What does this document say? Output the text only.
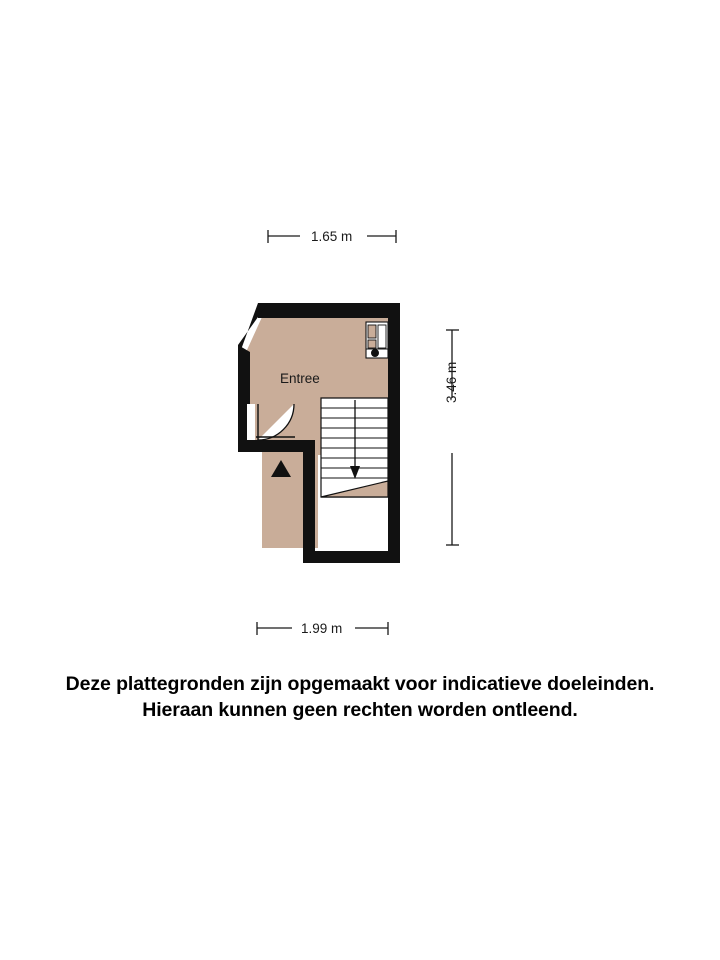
Entree
1.65 m
1.99 m
3.46 m
Deze plattegronden zijn opgemaakt voor indicatieve doeleinden.
Hieraan kunnen geen rechten worden ontleend.
